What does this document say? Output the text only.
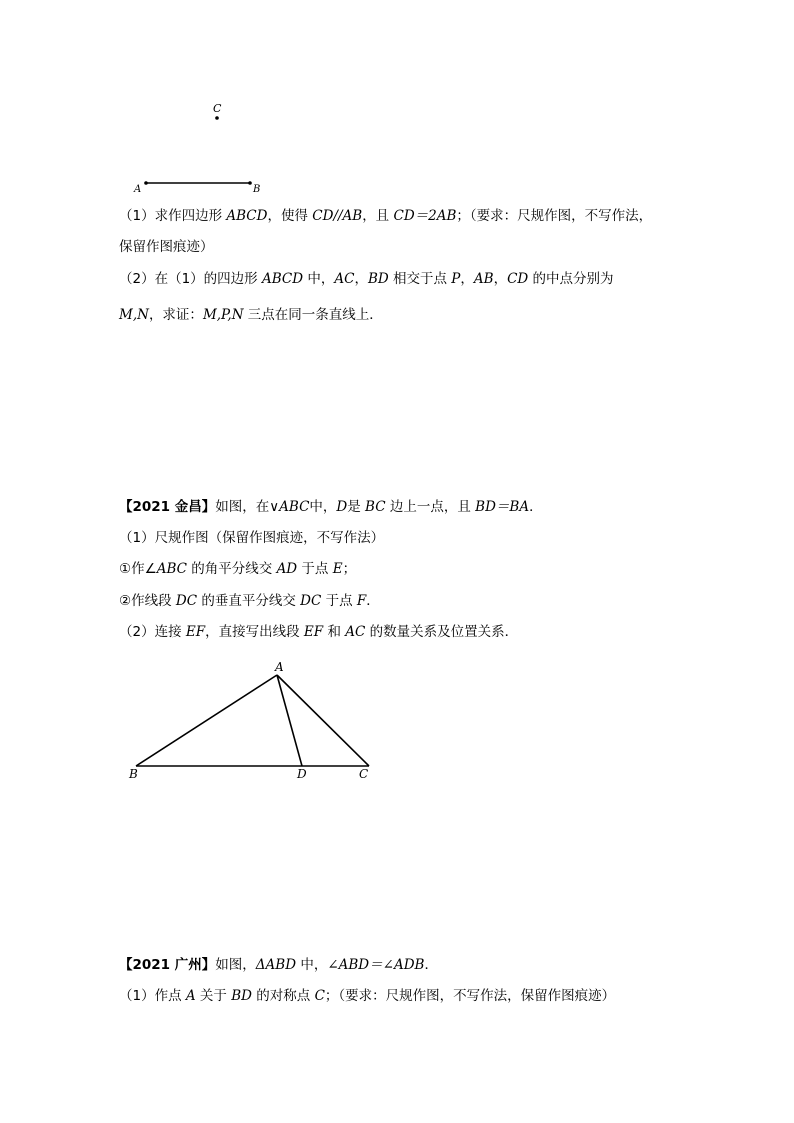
C
A	B
（1）求作四边形 ABCD，使得 CD//AB，且 CD＝2AB；（要求：尺规作图，不写作法，
保留作图痕迹）
（2）在（1）的四边形 ABCD 中，AC，BD 相交于点 P，AB，CD 的中点分别为
M,N，求证：M,P,N 三点在同一条直线上．
【2021 金昌】如图，在∨ABC中，D是 BC 边上一点，且 BD＝BA．
（1）尺规作图（保留作图痕迹，不写作法）
①作∠ABC 的角平分线交 AD 于点 E；
②作线段 DC 的垂直平分线交 DC 于点 F．
（2）连接 EF，直接写出线段 EF 和 AC 的数量关系及位置关系．
A
B	D	C
【2021 广州】如图，ΔABD 中，∠ABD＝∠ADB．
（1）作点 A 关于 BD 的对称点 C；（要求：尺规作图，不写作法，保留作图痕迹）
